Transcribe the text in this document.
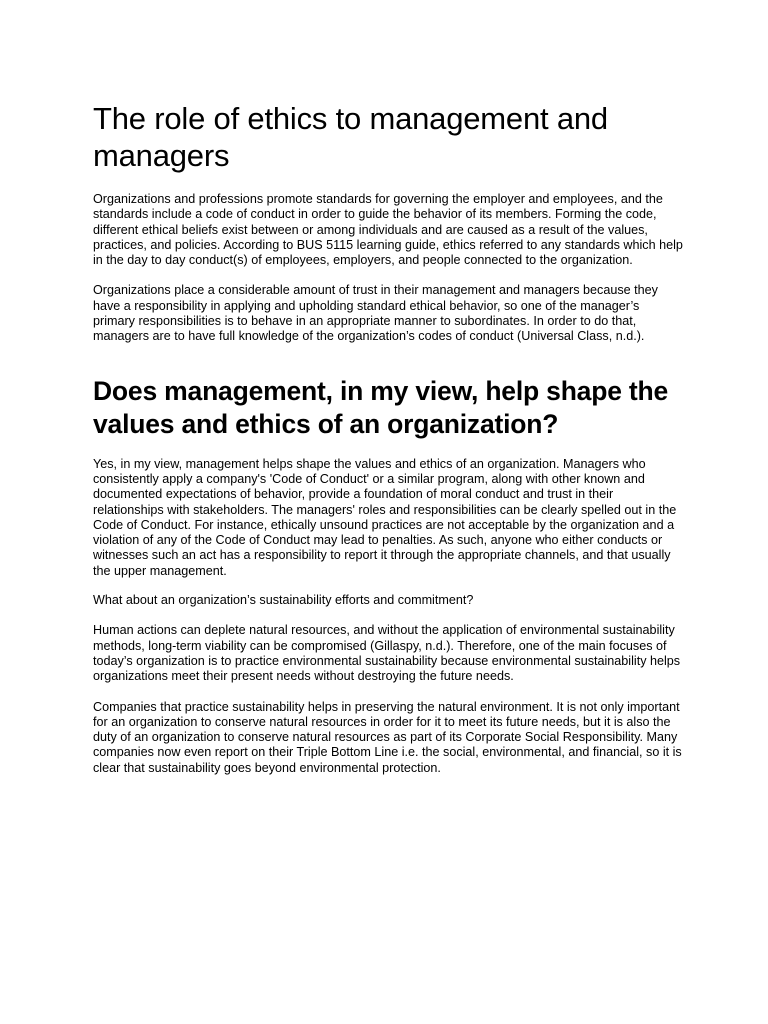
The role of ethics to management and managers

Organizations and professions promote standards for governing the employer and employees, and the standards include a code of conduct in order to guide the behavior of its members. Forming the code, different ethical beliefs exist between or among individuals and are caused as a result of the values, practices, and policies. According to BUS 5115 learning guide, ethics referred to any standards which help in the day to day conduct(s) of employees, employers, and people connected to the organization.

Organizations place a considerable amount of trust in their management and managers because they have a responsibility in applying and upholding standard ethical behavior, so one of the manager’s primary responsibilities is to behave in an appropriate manner to subordinates. In order to do that, managers are to have full knowledge of the organization’s codes of conduct (Universal Class, n.d.).

Does management, in my view, help shape the values and ethics of an organization?

Yes, in my view, management helps shape the values and ethics of an organization. Managers who consistently apply a company's 'Code of Conduct' or a similar program, along with other known and documented expectations of behavior, provide a foundation of moral conduct and trust in their relationships with stakeholders. The managers' roles and responsibilities can be clearly spelled out in the Code of Conduct. For instance, ethically unsound practices are not acceptable by the organization and a violation of any of the Code of Conduct may lead to penalties. As such, anyone who either conducts or witnesses such an act has a responsibility to report it through the appropriate channels, and that usually the upper management.

What about an organization’s sustainability efforts and commitment?

Human actions can deplete natural resources, and without the application of environmental sustainability methods, long-term viability can be compromised (Gillaspy, n.d.). Therefore, one of the main focuses of today’s organization is to practice environmental sustainability because environmental sustainability helps organizations meet their present needs without destroying the future needs.

Companies that practice sustainability helps in preserving the natural environment. It is not only important for an organization to conserve natural resources in order for it to meet its future needs, but it is also the duty of an organization to conserve natural resources as part of its Corporate Social Responsibility. Many companies now even report on their Triple Bottom Line i.e. the social, environmental, and financial, so it is clear that sustainability goes beyond environmental protection.
